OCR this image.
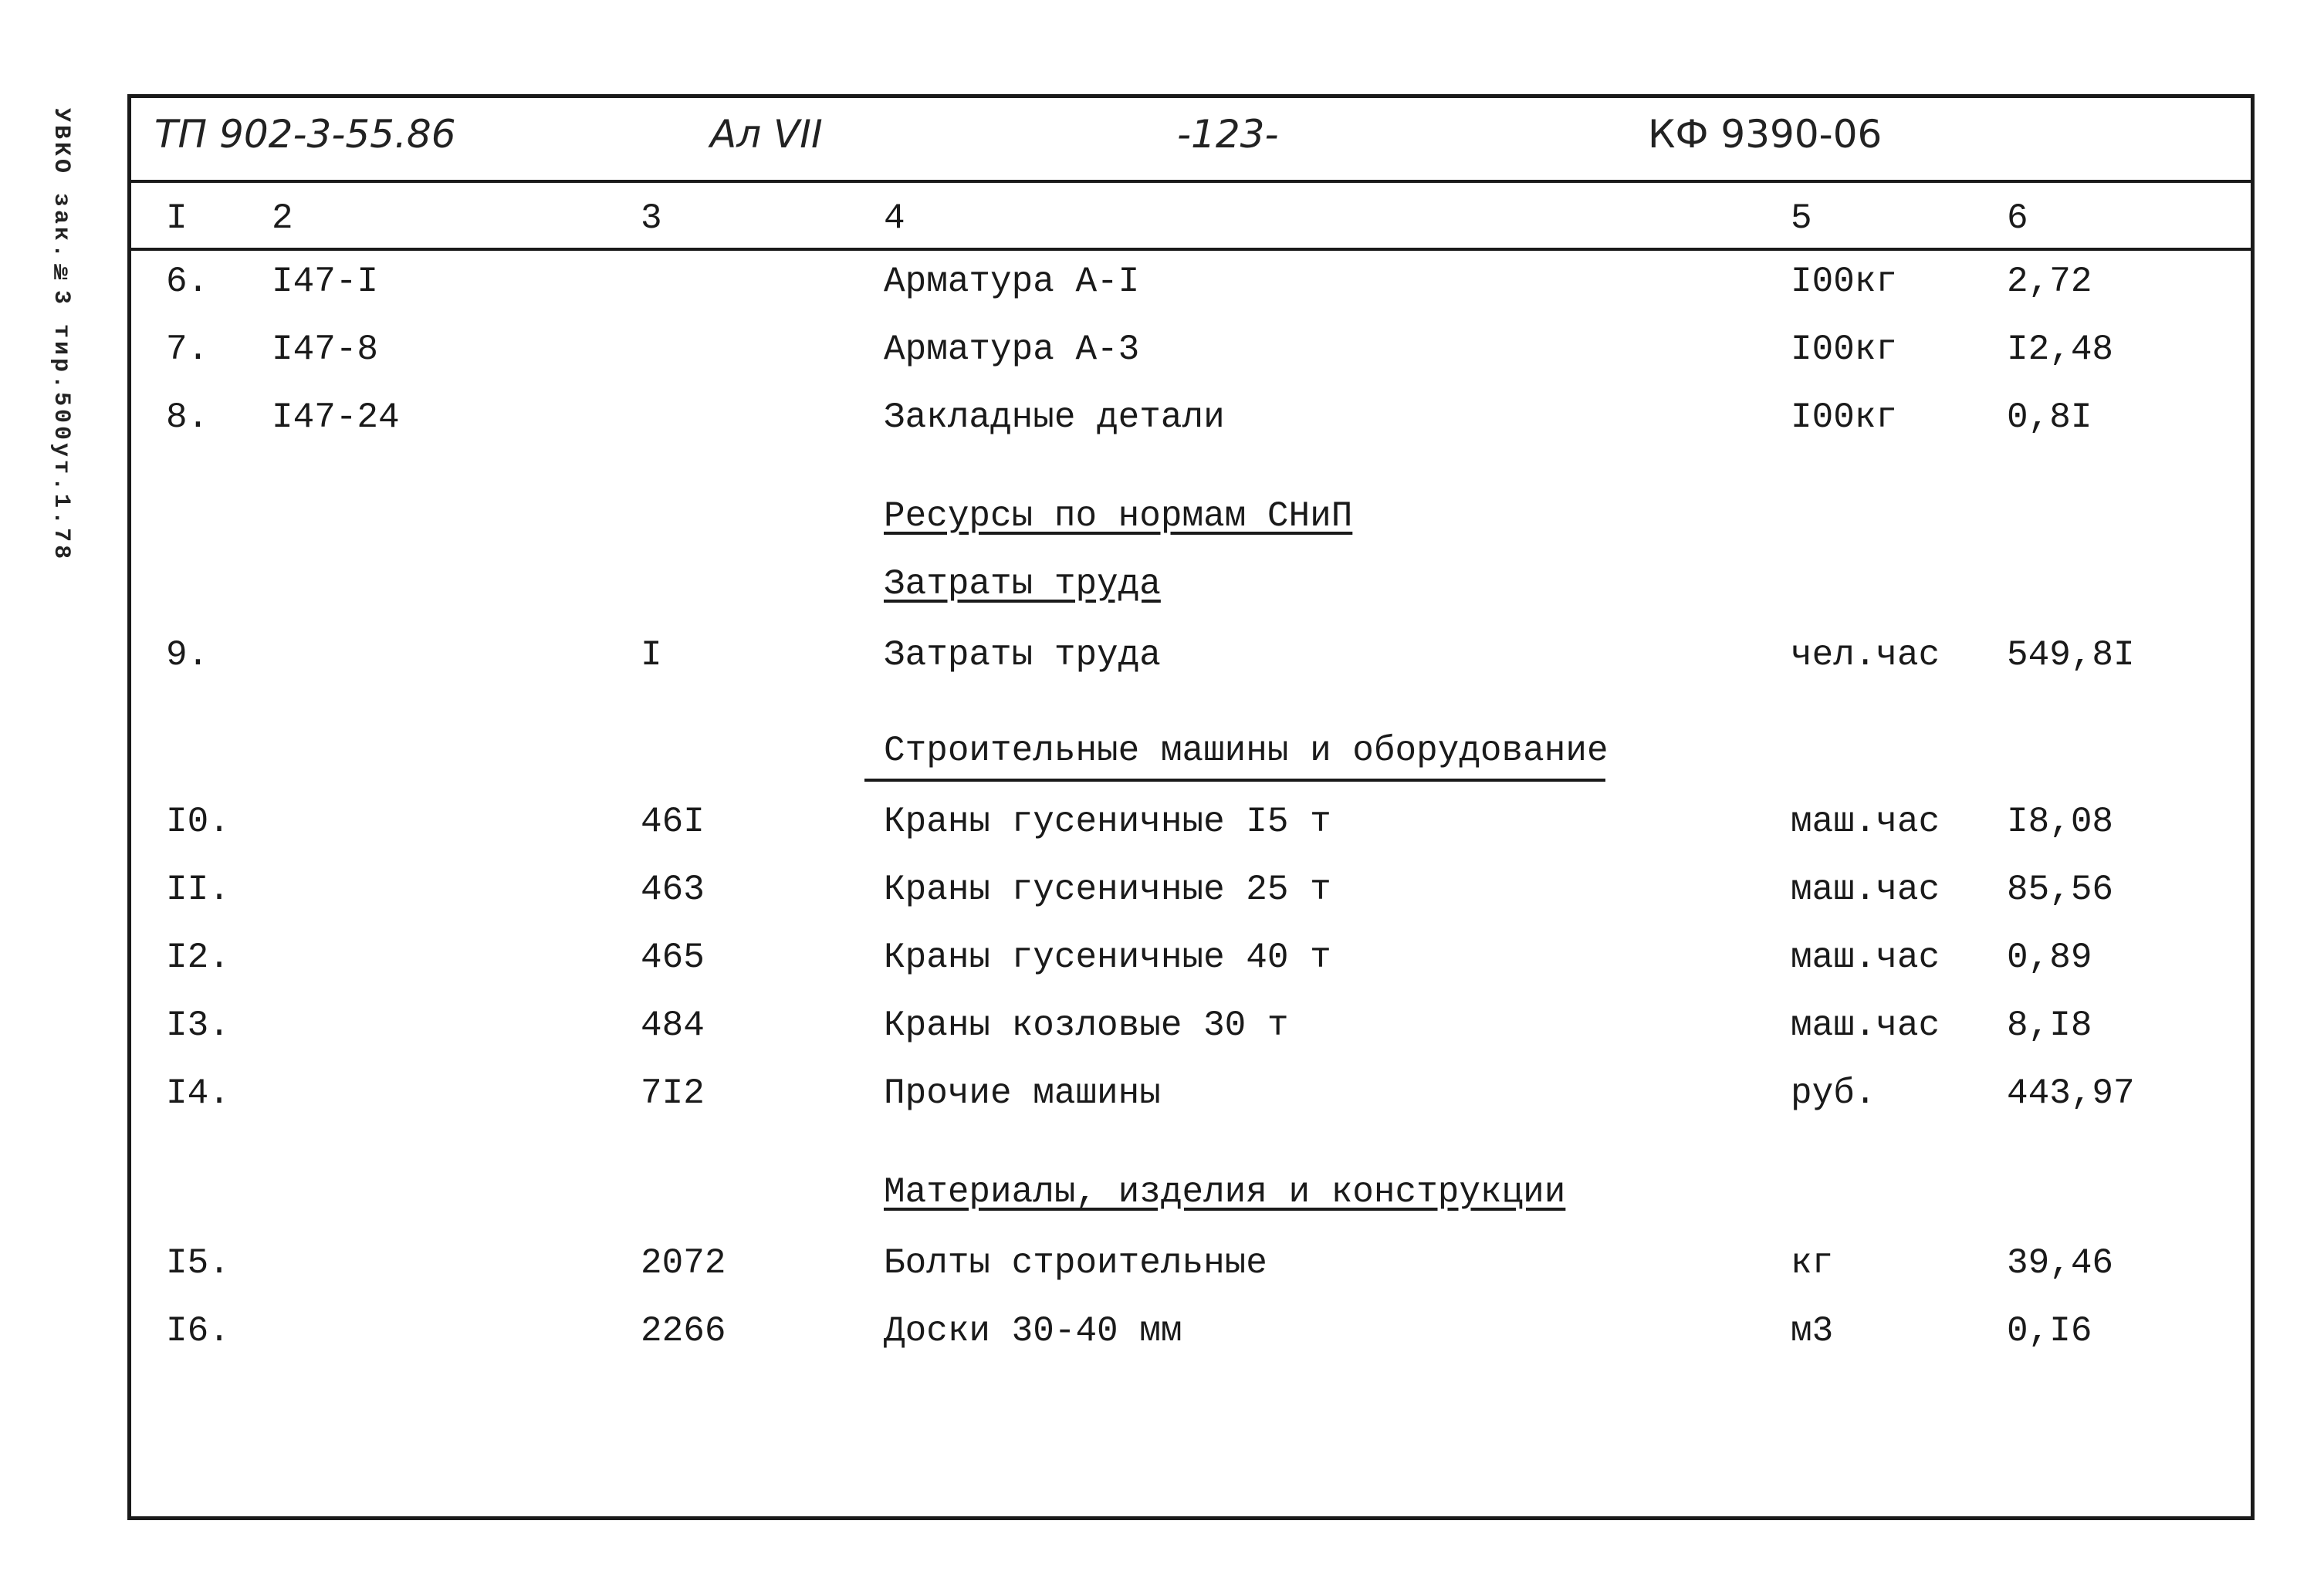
УВКО зак.№3 тир.500ут.1.78 ТП 902-3-55.86	Ал VII	-123-	КФ 9390-06
I 2	3	4	5	6
6. I47-I	Арматура А-I	I00кг	2,72
7. I47-8	Арматура А-3	I00кг	I2,48
8. I47-24	Закладные детали	I00кг	0,8I
Ресурсы по нормам СНиП
Затраты труда
9.	I	Затраты труда	чел.час 549,8I
Строительные машины и оборудование
I0.	46I	Краны гусеничные I5 т	маш.час I8,08
II.	463	Краны гусеничные 25 т	маш.час 85,56
I2.	465	Краны гусеничные 40 т	маш.час 0,89
I3.	484	Краны козловые 30 т	маш.час 8,I8
I4.	7I2	Прочие машины	руб.	443,97
Материалы, изделия и конструкции
I5.	2072	Болты строительные	кг	39,46
I6.	2266	Доски 30-40 мм	м3	0,I6
